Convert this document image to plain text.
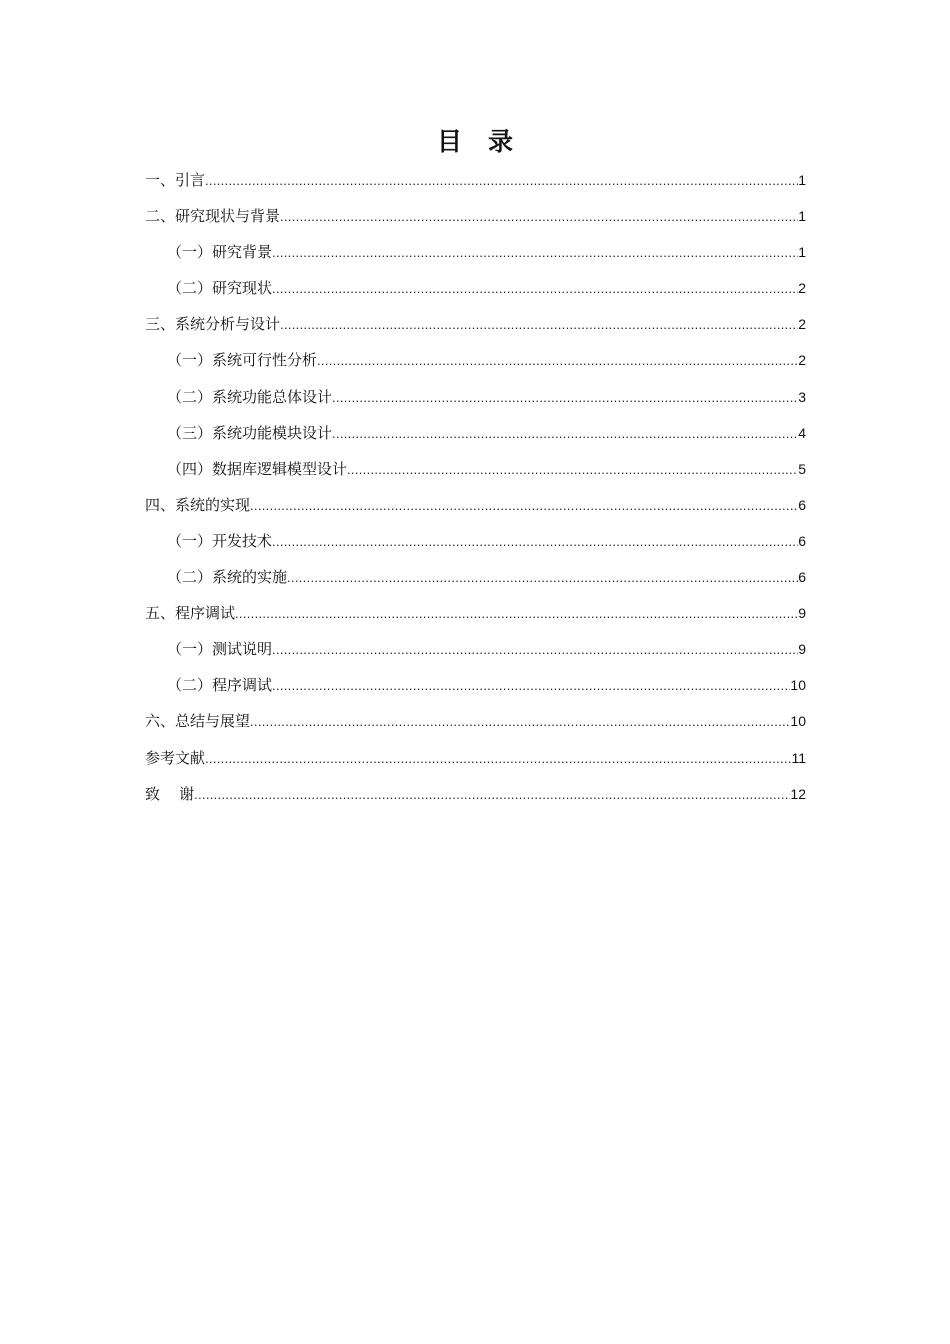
目 录
一、引言 .....	1
二、研究现状与背景 .....	1
（一）研究背景 .....	1
（二）研究现状 .....	2
三、系统分析与设计 .....	2
（一）系统可行性分析 .....	2
（二）系统功能总体设计 .....	3
（三）系统功能模块设计 .....	4
（四）数据库逻辑模型设计 .....	5
四、系统的实现 .....	6
（一）开发技术 .....	6
（二）系统的实施 .....	6
五、程序调试 .....	9
（一）测试说明 .....	9
（二）程序调试 .....	10
六、总结与展望 .....	10
参考文献 .....	11
致    谢 .....	12
